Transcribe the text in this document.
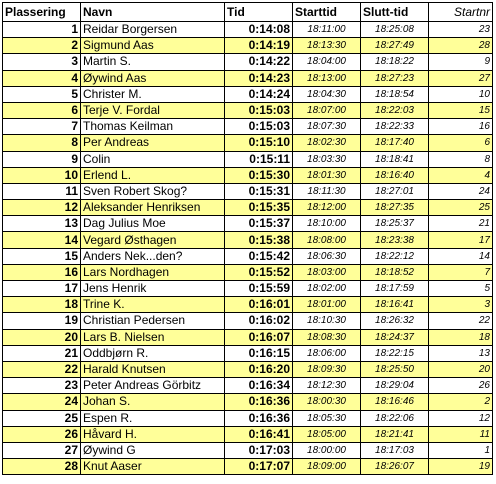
Plassering	Navn	Tid	Starttid	Slutt-tid	Startnr
1	Reidar Borgersen	0:14:08	18:11:00	18:25:08	23
2	Sigmund Aas	0:14:19	18:13:30	18:27:49	28
3	Martin S.	0:14:22	18:04:00	18:18:22	9
4	Øywind Aas	0:14:23	18:13:00	18:27:23	27
5	Christer M.	0:14:24	18:04:30	18:18:54	10
6	Terje V. Fordal	0:15:03	18:07:00	18:22:03	15
7	Thomas Keilman	0:15:03	18:07:30	18:22:33	16
8	Per Andreas	0:15:10	18:02:30	18:17:40	6
9	Colin	0:15:11	18:03:30	18:18:41	8
10	Erlend L.	0:15:30	18:01:30	18:16:40	4
11	Sven Robert Skog?	0:15:31	18:11:30	18:27:01	24
12	Aleksander Henriksen	0:15:35	18:12:00	18:27:35	25
13	Dag Julius Moe	0:15:37	18:10:00	18:25:37	21
14	Vegard Østhagen	0:15:38	18:08:00	18:23:38	17
15	Anders Nek...den?	0:15:42	18:06:30	18:22:12	14
16	Lars Nordhagen	0:15:52	18:03:00	18:18:52	7
17	Jens Henrik	0:15:59	18:02:00	18:17:59	5
18	Trine K.	0:16:01	18:01:00	18:16:41	3
19	Christian Pedersen	0:16:02	18:10:30	18:26:32	22
20	Lars B. Nielsen	0:16:07	18:08:30	18:24:37	18
21	Oddbjørn R.	0:16:15	18:06:00	18:22:15	13
22	Harald Knutsen	0:16:20	18:09:30	18:25:50	20
23	Peter Andreas Görbitz	0:16:34	18:12:30	18:29:04	26
24	Johan S.	0:16:36	18:00:30	18:16:46	2
25	Espen R.	0:16:36	18:05:30	18:22:06	12
26	Håvard H.	0:16:41	18:05:00	18:21:41	11
27	Øywind G	0:17:03	18:00:00	18:17:03	1
28	Knut Aaser	0:17:07	18:09:00	18:26:07	19
